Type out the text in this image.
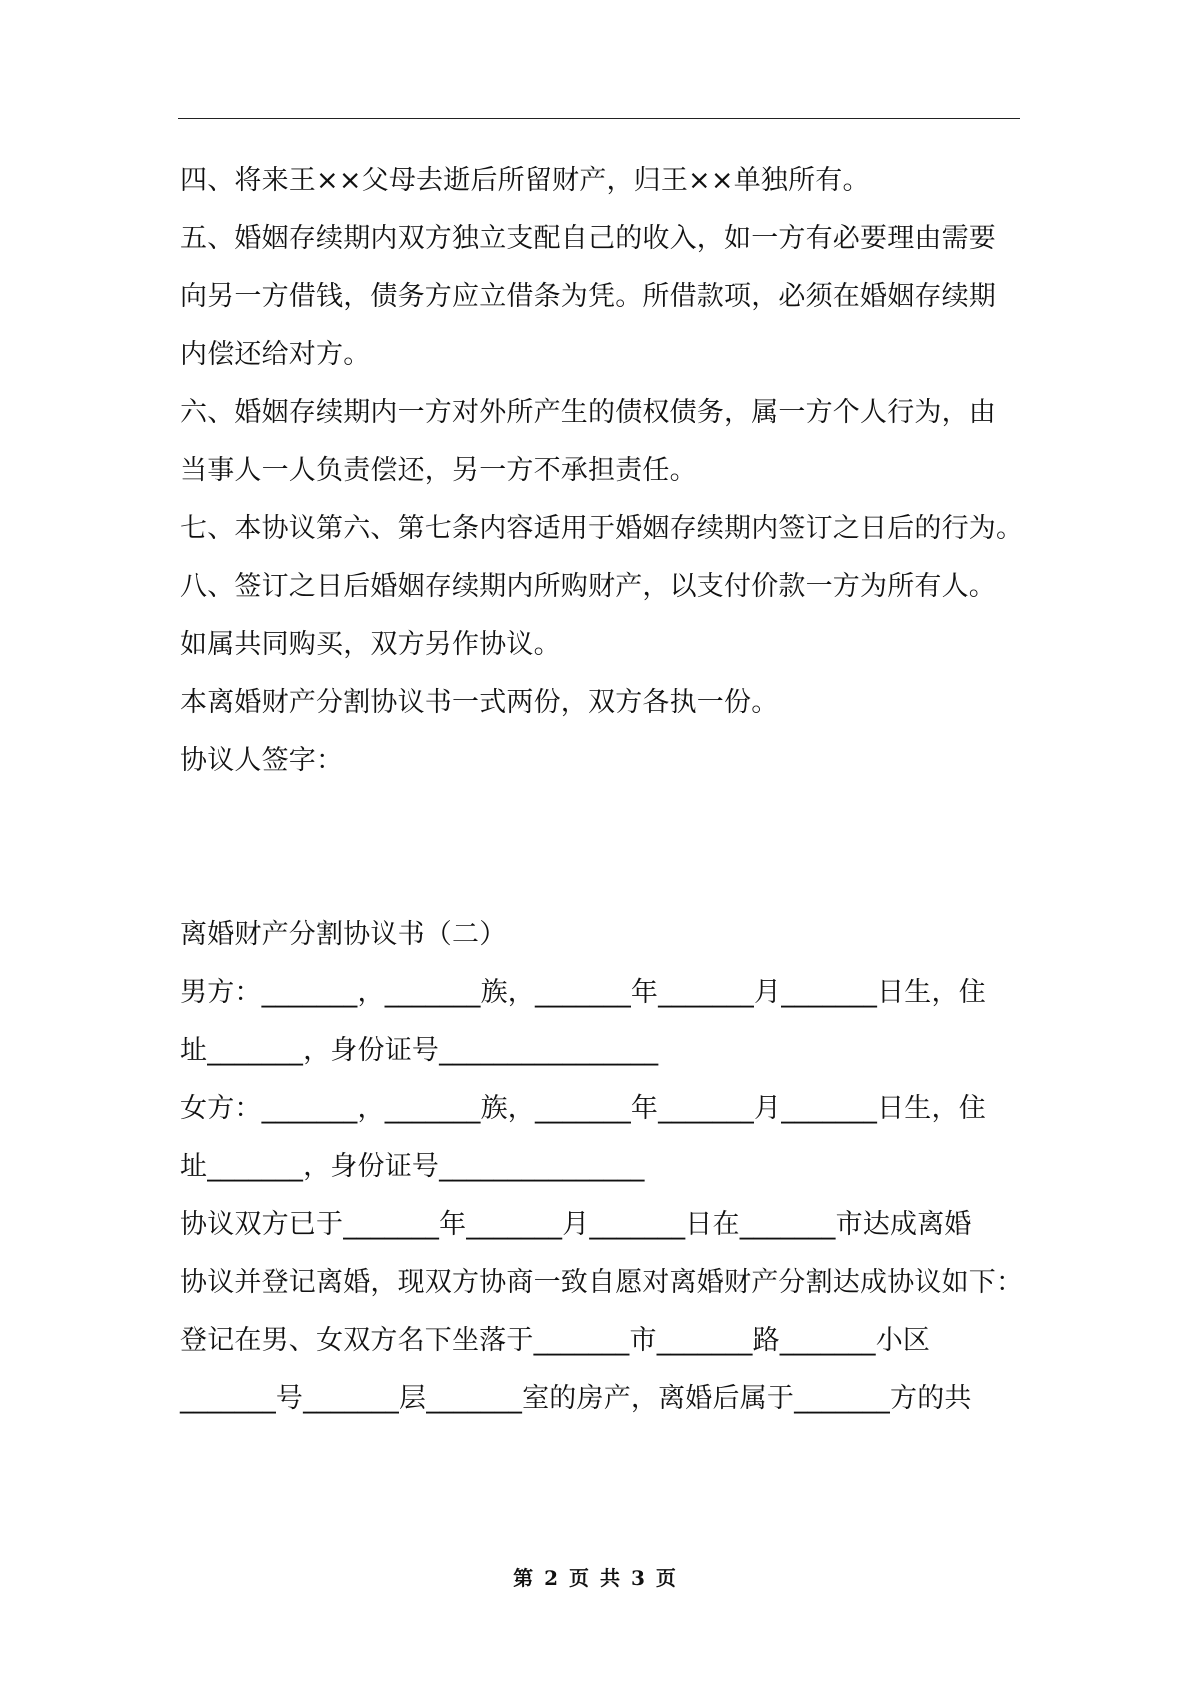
四、将来王××父母去逝后所留财产，归王××单独所有。
五、婚姻存续期内双方独立支配自己的收入，如一方有必要理由需要
向另一方借钱，债务方应立借条为凭。所借款项，必须在婚姻存续期
内偿还给对方。
六、婚姻存续期内一方对外所产生的债权债务，属一方个人行为，由
当事人一人负责偿还，另一方不承担责任。
七、本协议第六、第七条内容适用于婚姻存续期内签订之日后的行为。
八、签订之日后婚姻存续期内所购财产，以支付价款一方为所有人。
如属共同购买，双方另作协议。
本离婚财产分割协议书一式两份，双方各执一份。
协议人签字：
离婚财产分割协议书（二）
男方：_______，_______族，_______年_______月_______日生，住
址_______，身份证号________________
女方：_______，_______族，_______年_______月_______日生，住
址_______，身份证号_______________
协议双方已于_______年_______月_______日在_______市达成离婚
协议并登记离婚，现双方协商一致自愿对离婚财产分割达成协议如下：
登记在男、女双方名下坐落于_______市_______路_______小区
_______号_______层_______室的房产，离婚后属于_______方的共
第 2 页 共 3 页
